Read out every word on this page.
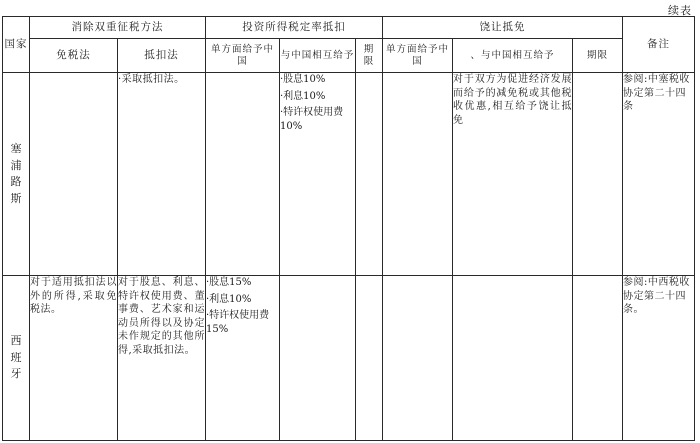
续表
国家	消除双重征税方法		投资所得税定率抵扣			饶让抵免			备注
	免税法	抵扣法	单方面给予中国	与中国相互给予	期限	单方面给予中国	、与中国相互给予	期限	
塞浦路斯		·采取抵扣法。		·股息10%
·利息10%
·特许权使用费10%			对于双方为促进经济发展而给予的减免税或其他税收优惠,相互给予饶让抵免		参阅:中塞税收协定第二十四条
西班牙	对于适用抵扣法以外的所得,采取免税法。	对于股息、利息、特许权使用费、董事费、艺术家和运动员所得以及协定未作规定的其他所得,采取抵扣法。	·股息15%
·利息10%
·特许权使用费15%						参阅:中西税收协定第二十四条。
